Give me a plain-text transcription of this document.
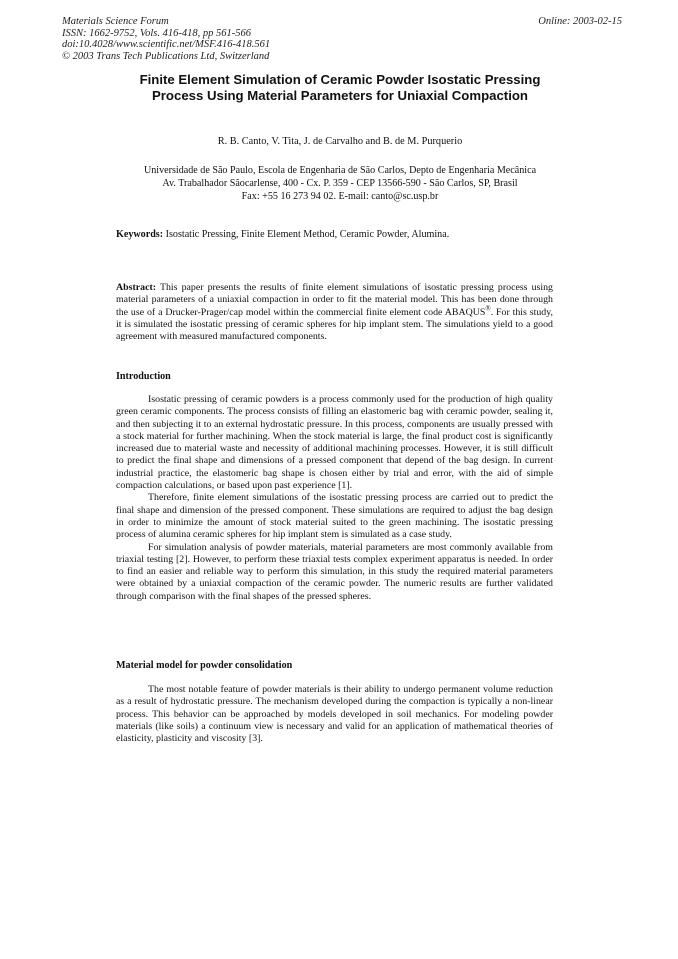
Materials Science Forum
ISSN: 1662-9752, Vols. 416-418, pp 561-566
doi:10.4028/www.scientific.net/MSF.416-418.561
© 2003 Trans Tech Publications Ltd, Switzerland
Online: 2003-02-15
Finite Element Simulation of Ceramic Powder Isostatic Pressing
Process Using Material Parameters for Uniaxial Compaction
R. B. Canto, V. Tita, J. de Carvalho and B. de M. Purquerio
Universidade de São Paulo, Escola de Engenharia de São Carlos, Depto de Engenharia Mecânica
Av. Trabalhador Sãocarlense, 400 - Cx. P. 359 - CEP 13566-590 - São Carlos, SP, Brasil
Fax: +55 16 273 94 02. E-mail: canto@sc.usp.br
Keywords: Isostatic Pressing, Finite Element Method, Ceramic Powder, Alumina.

Abstract: This paper presents the results of finite element simulations of isostatic pressing process using material parameters of a uniaxial compaction in order to fit the material model. This has been done through the use of a Drucker-Prager/cap model within the commercial finite element code ABAQUS®. For this study, it is simulated the isostatic pressing of ceramic spheres for hip implant stem. The simulations yield to a good agreement with measured manufactured components.

Introduction

Isostatic pressing of ceramic powders is a process commonly used for the production of high quality green ceramic components. The process consists of filling an elastomeric bag with ceramic powder, sealing it, and then subjecting it to an external hydrostatic pressure. In this process, components are usually pressed with a stock material for further machining. When the stock material is large, the final product cost is significantly increased due to material waste and necessity of additional machining processes. However, it is still difficult to predict the final shape and dimensions of a pressed component that depend of the bag design. In current industrial practice, the elastomeric bag shape is chosen either by trial and error, with the aid of simple compaction calculations, or based upon past experience [1].

Therefore, finite element simulations of the isostatic pressing process are carried out to predict the final shape and dimension of the pressed component. These simulations are required to adjust the bag design in order to minimize the amount of stock material suited to the green machining. The isostatic pressing process of alumina ceramic spheres for hip implant stem is simulated as a case study.

For simulation analysis of powder materials, material parameters are most commonly available from triaxial testing [2]. However, to perform these triaxial tests complex experiment apparatus is needed. In order to find an easier and reliable way to perform this simulation, in this study the required material parameters were obtained by a uniaxial compaction of the ceramic powder. The numeric results are further validated through comparison with the final shapes of the pressed spheres.

Material model for powder consolidation

The most notable feature of powder materials is their ability to undergo permanent volume reduction as a result of hydrostatic pressure. The mechanism developed during the compaction is typically a non-linear process. This behavior can be approached by models developed in soil mechanics. For modeling powder materials (like soils) a continuum view is necessary and valid for an application of mathematical theories of elasticity, plasticity and viscosity [3].
